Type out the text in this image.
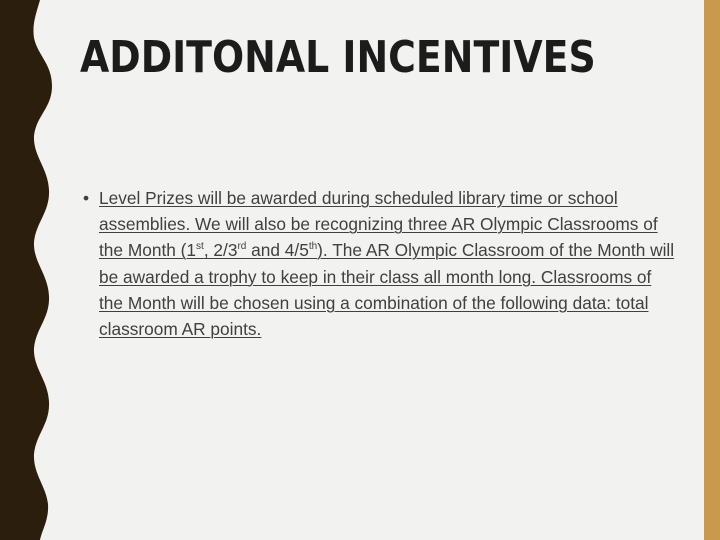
ADDITONAL INCENTIVES
• Level Prizes will be awarded during scheduled library time or school assemblies. We will also be recognizing three AR Olympic Classrooms of the Month (1st, 2/3rd and 4/5th). The AR Olympic Classroom of the Month will be awarded a trophy to keep in their class all month long. Classrooms of the Month will be chosen using a combination of the following data: total classroom AR points.
